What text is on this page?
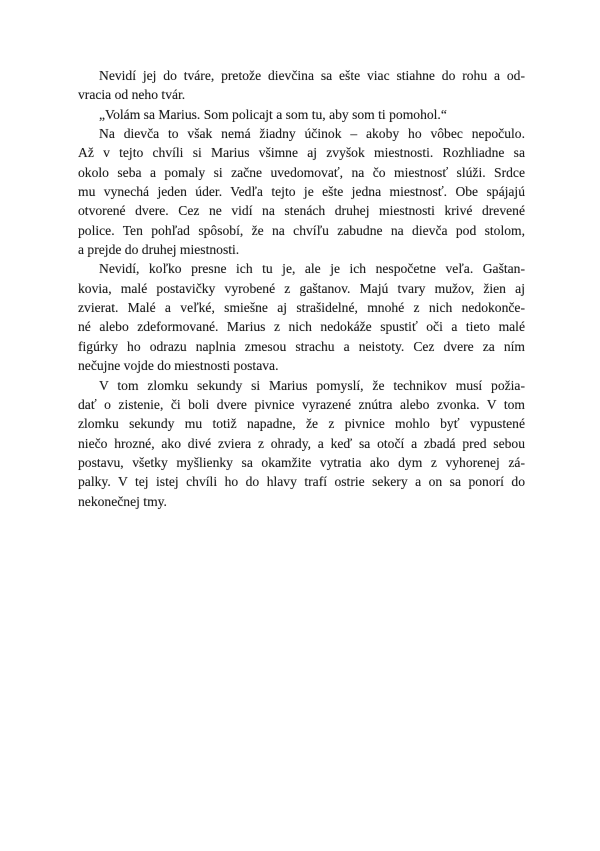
Nevidí jej do tváre, pretože dievčina sa ešte viac stiahne do rohu a od-
vracia od neho tvár.
„Volám sa Marius. Som policajt a som tu, aby som ti pomohol.“
Na dievča to však nemá žiadny účinok – akoby ho vôbec nepočulo.
Až v tejto chvíli si Marius všimne aj zvyšok miestnosti. Rozhliadne sa
okolo seba a pomaly si začne uvedomovať, na čo miestnosť slúži. Srdce
mu vynechá jeden úder. Vedľa tejto je ešte jedna miestnosť. Obe spájajú
otvorené dvere. Cez ne vidí na stenách druhej miestnosti krivé drevené
police. Ten pohľad spôsobí, že na chvíľu zabudne na dievča pod stolom,
a prejde do druhej miestnosti.
Nevidí, koľko presne ich tu je, ale je ich nespočetne veľa. Gaštan-
kovia, malé postavičky vyrobené z gaštanov. Majú tvary mužov, žien aj
zvierat. Malé a veľké, smiešne aj strašidelné, mnohé z nich nedokonče-
né alebo zdeformované. Marius z nich nedokáže spustiť oči a tieto malé
figúrky ho odrazu naplnia zmesou strachu a neistoty. Cez dvere za ním
nečujne vojde do miestnosti postava.
V tom zlomku sekundy si Marius pomyslí, že technikov musí požia-
dať o zistenie, či boli dvere pivnice vyrazené znútra alebo zvonka. V tom
zlomku sekundy mu totiž napadne, že z pivnice mohlo byť vypustené
niečo hrozné, ako divé zviera z ohrady, a keď sa otočí a zbadá pred sebou
postavu, všetky myšlienky sa okamžite vytratia ako dym z vyhorenej zá-
palky. V tej istej chvíli ho do hlavy trafí ostrie sekery a on sa ponorí do
nekonečnej tmy.
